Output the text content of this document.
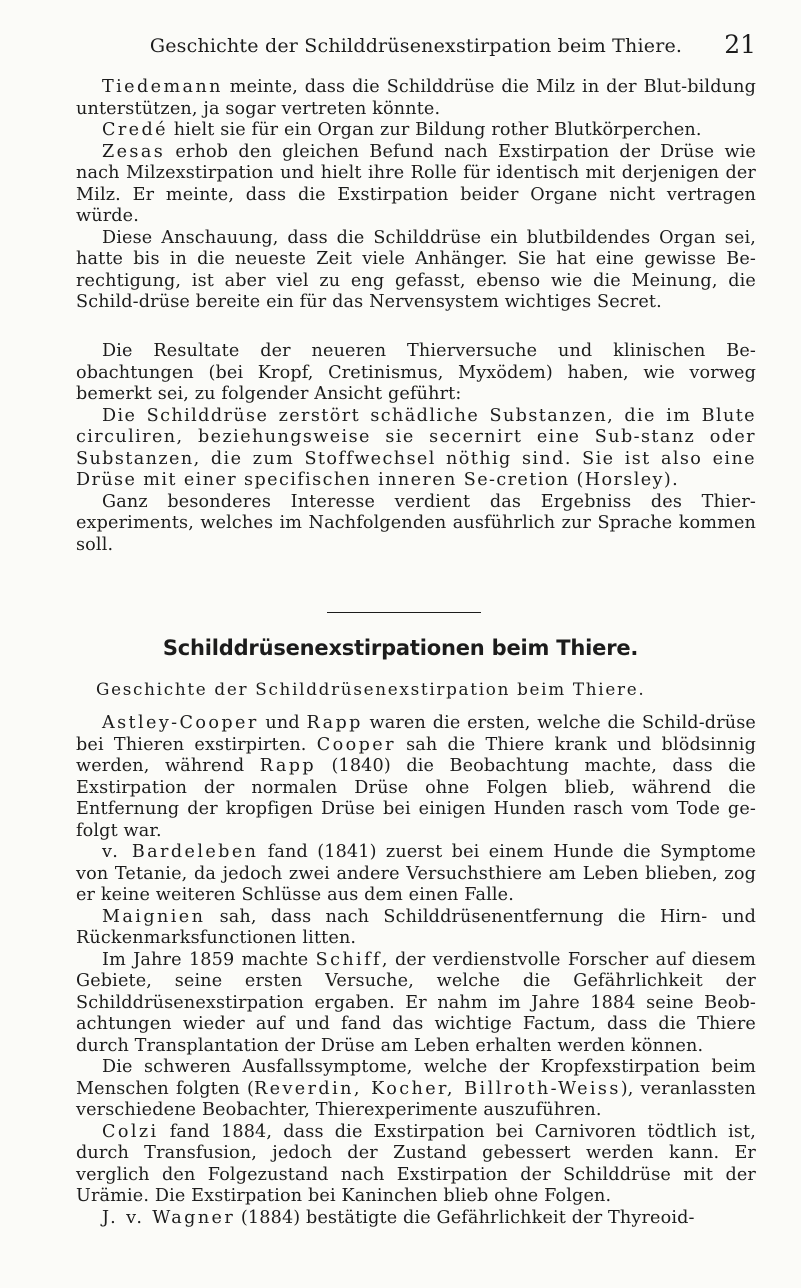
Geschichte der Schilddrüsenexstirpation beim Thiere.	21

Tiedemann meinte, dass die Schilddrüse die Milz in der Blut-bildung unterstützen, ja sogar vertreten könnte.

Credé hielt sie für ein Organ zur Bildung rother Blutkörperchen.

Zesas erhob den gleichen Befund nach Exstirpation der Drüse wie nach Milzexstirpation und hielt ihre Rolle für identisch mit derjenigen der Milz. Er meinte, dass die Exstirpation beider Organe nicht vertragen würde.

Diese Anschauung, dass die Schilddrüse ein blutbildendes Organ sei, hatte bis in die neueste Zeit viele Anhänger. Sie hat eine gewisse Be-rechtigung, ist aber viel zu eng gefasst, ebenso wie die Meinung, die Schild-drüse bereite ein für das Nervensystem wichtiges Secret.

Die Resultate der neueren Thierversuche und klinischen Be-obachtungen (bei Kropf, Cretinismus, Myxödem) haben, wie vorweg bemerkt sei, zu folgender Ansicht geführt:

Die Schilddrüse zerstört schädliche Substanzen, die im Blute circuliren, beziehungsweise sie secernirt eine Sub-stanz oder Substanzen, die zum Stoffwechsel nöthig sind. Sie ist also eine Drüse mit einer specifischen inneren Se-cretion (Horsley).

Ganz besonderes Interesse verdient das Ergebniss des Thier-experiments, welches im Nachfolgenden ausführlich zur Sprache kommen soll.

Schilddrüsenexstirpationen beim Thiere.
Geschichte der Schilddrüsenexstirpation beim Thiere.

Astley-Cooper und Rapp waren die ersten, welche die Schild-drüse bei Thieren exstirpirten. Cooper sah die Thiere krank und blödsinnig werden, während Rapp (1840) die Beobachtung machte, dass die Exstirpation der normalen Drüse ohne Folgen blieb, während die Entfernung der kropfigen Drüse bei einigen Hunden rasch vom Tode ge-folgt war.

v. Bardeleben fand (1841) zuerst bei einem Hunde die Symptome von Tetanie, da jedoch zwei andere Versuchsthiere am Leben blieben, zog er keine weiteren Schlüsse aus dem einen Falle.

Maignien sah, dass nach Schilddrüsenentfernung die Hirn- und Rückenmarksfunctionen litten.

Im Jahre 1859 machte Schiff, der verdienstvolle Forscher auf diesem Gebiete, seine ersten Versuche, welche die Gefährlichkeit der Schilddrüsenexstirpation ergaben. Er nahm im Jahre 1884 seine Beob-achtungen wieder auf und fand das wichtige Factum, dass die Thiere durch Transplantation der Drüse am Leben erhalten werden können.

Die schweren Ausfallssymptome, welche der Kropfexstirpation beim Menschen folgten (Reverdin, Kocher, Billroth-Weiss), veranlassten verschiedene Beobachter, Thierexperimente auszuführen.

Colzi fand 1884, dass die Exstirpation bei Carnivoren tödtlich ist, durch Transfusion, jedoch der Zustand gebessert werden kann. Er verglich den Folgezustand nach Exstirpation der Schilddrüse mit der Urämie. Die Exstirpation bei Kaninchen blieb ohne Folgen.

J. v. Wagner (1884) bestätigte die Gefährlichkeit der Thyreoid-
